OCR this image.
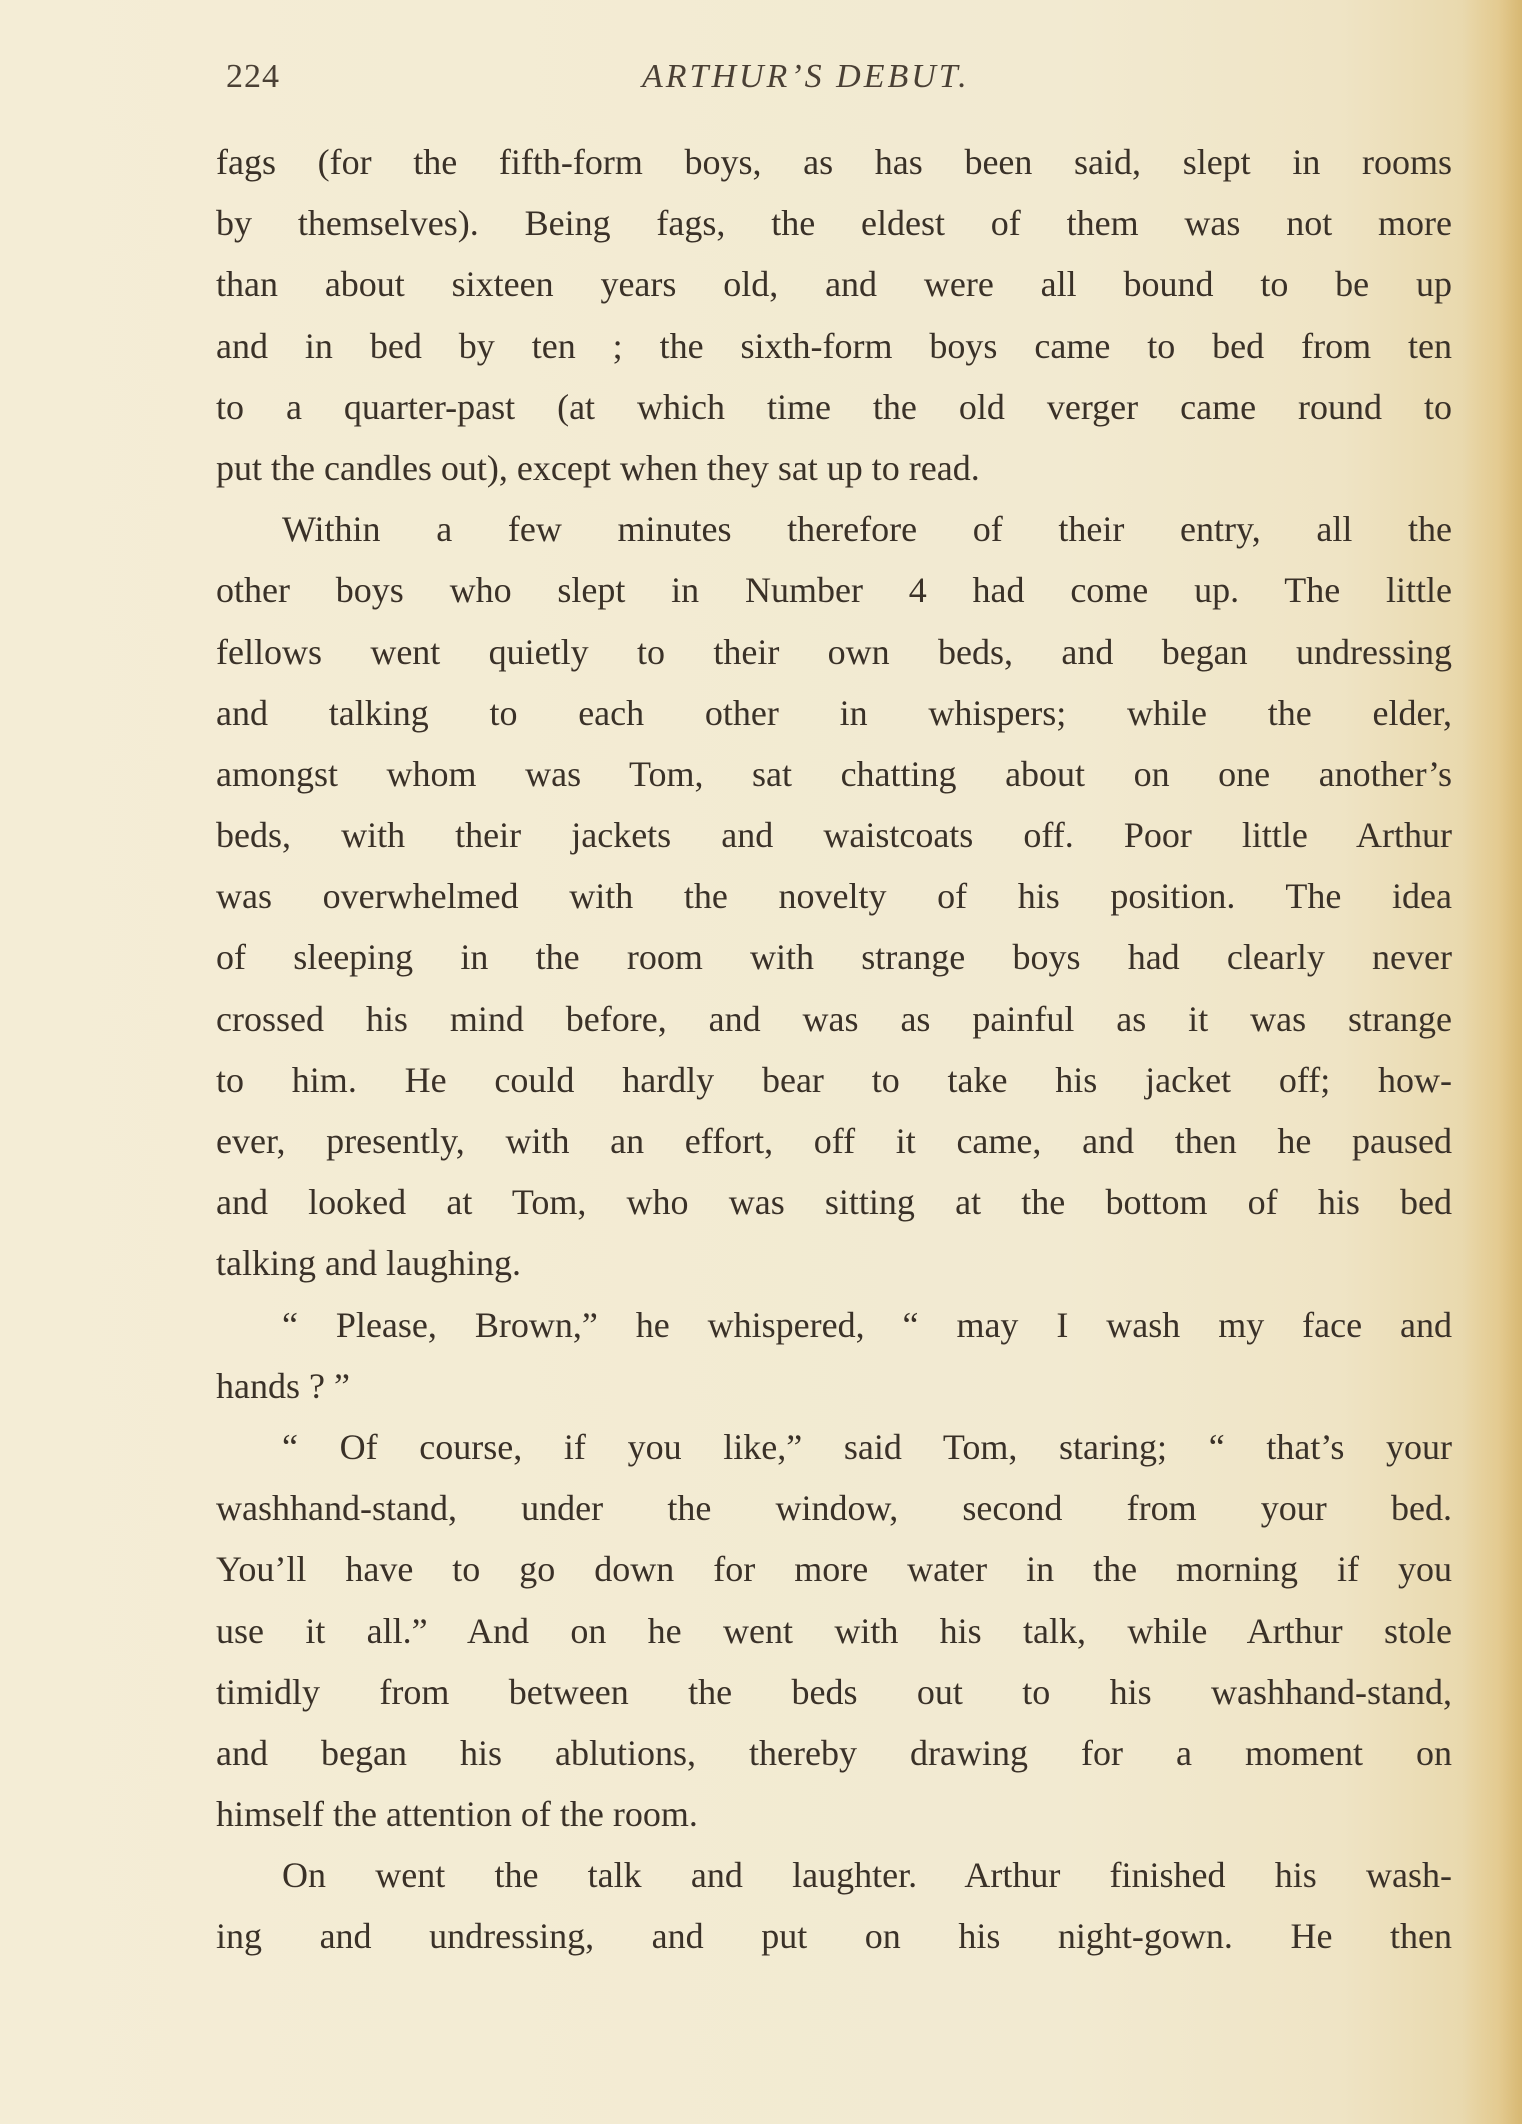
224	ARTHUR’S DEBUT.
fags (for the fifth-form boys, as has been said, slept in rooms
by themselves). Being fags, the eldest of them was not more
than about sixteen years old, and were all bound to be up
and in bed by ten ; the sixth-form boys came to bed from ten
to a quarter-past (at which time the old verger came round to
put the candles out), except when they sat up to read.
Within a few minutes therefore of their entry, all the
other boys who slept in Number 4 had come up. The little
fellows went quietly to their own beds, and began undressing
and talking to each other in whispers; while the elder,
amongst whom was Tom, sat chatting about on one another’s
beds, with their jackets and waistcoats off. Poor little Arthur
was overwhelmed with the novelty of his position. The idea
of sleeping in the room with strange boys had clearly never
crossed his mind before, and was as painful as it was strange
to him. He could hardly bear to take his jacket off; how-
ever, presently, with an effort, off it came, and then he paused
and looked at Tom, who was sitting at the bottom of his bed
talking and laughing.
“ Please, Brown,” he whispered, “ may I wash my face and
hands ? ”
“ Of course, if you like,” said Tom, staring; “ that’s your
washhand-stand, under the window, second from your bed.
You’ll have to go down for more water in the morning if you
use it all.” And on he went with his talk, while Arthur stole
timidly from between the beds out to his washhand-stand,
and began his ablutions, thereby drawing for a moment on
himself the attention of the room.
On went the talk and laughter. Arthur finished his wash-
ing and undressing, and put on his night-gown. He then
